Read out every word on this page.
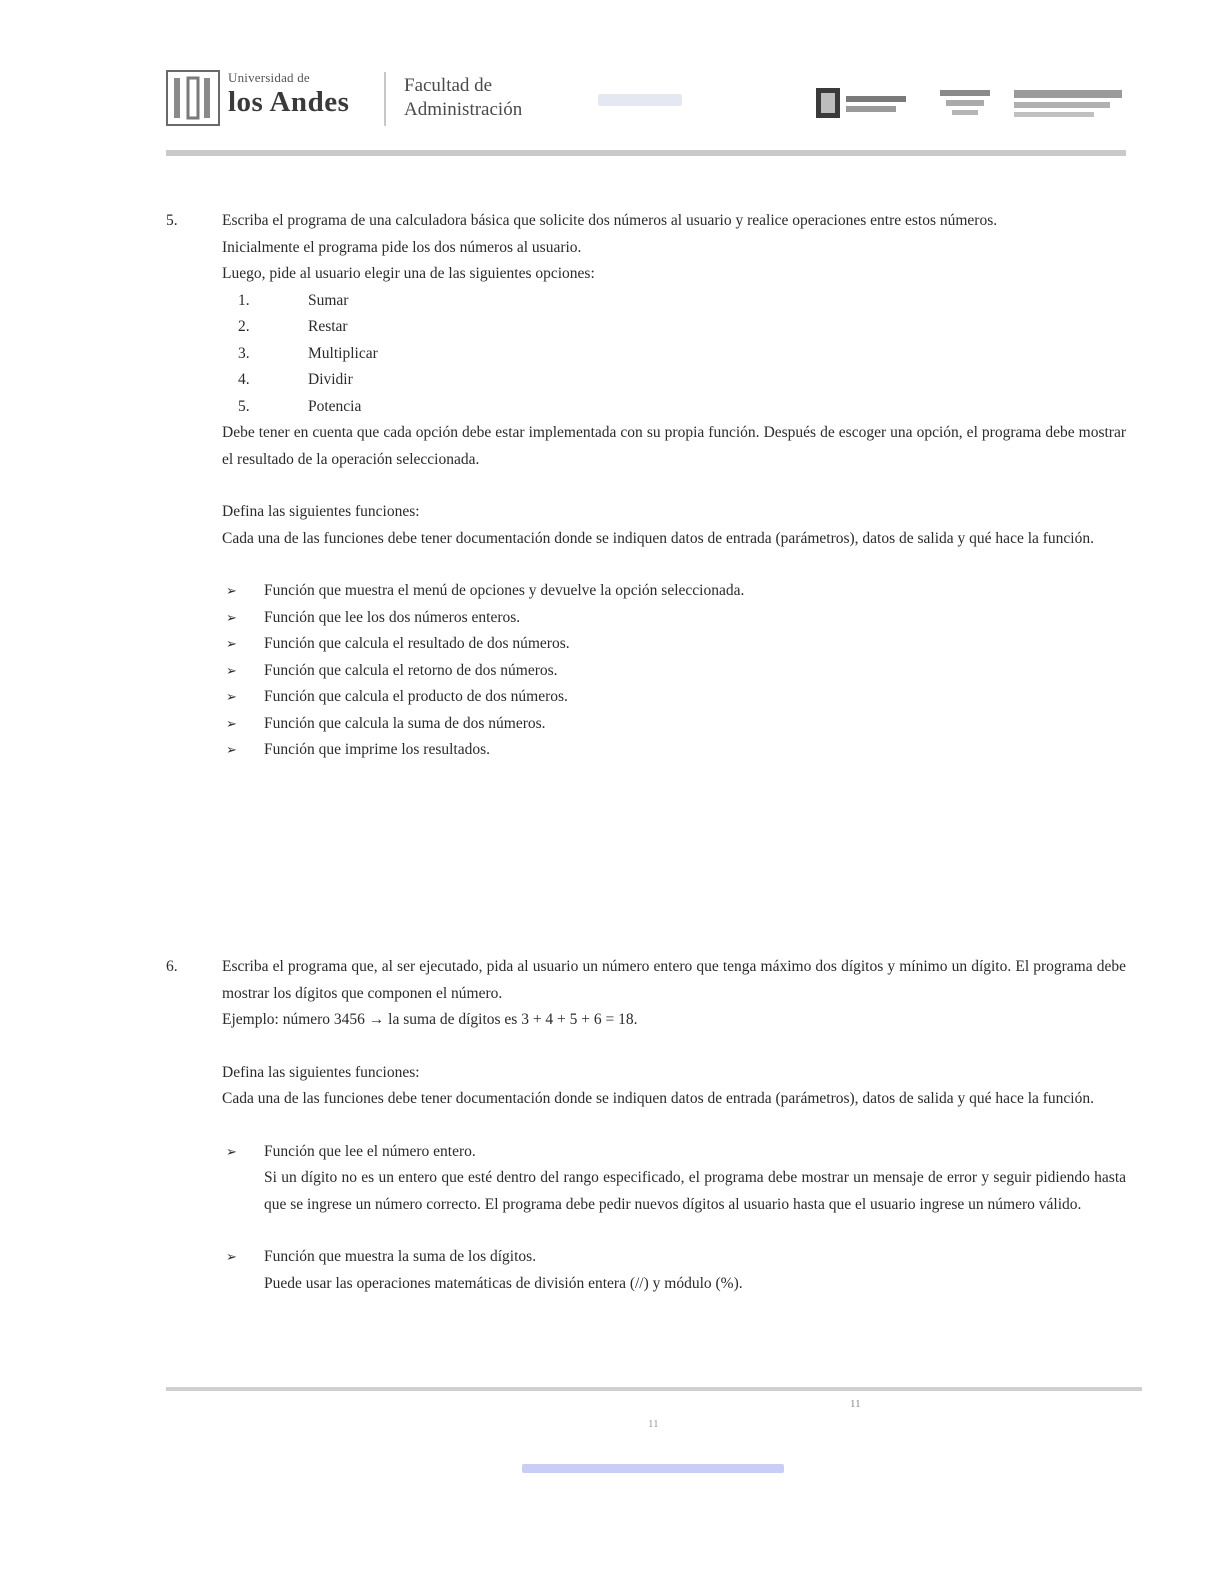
Universidad de
los Andes
Facultad de
Administración
5.	Escriba el programa de una calculadora básica que solicite dos números al usuario y realice operaciones entre estos números.

Inicialmente el programa pide los dos números al usuario.

Luego, pide al usuario elegir una de las siguientes opciones:

1.	Sumar
2.	Restar
3.	Multiplicar
4.	Dividir
5.	Potencia

Debe tener en cuenta que cada opción debe estar implementada con su propia función. Después de escoger una opción, el programa debe mostrar el resultado de la operación seleccionada.

Defina las siguientes funciones:

Cada una de las funciones debe tener documentación donde se indiquen datos de entrada (parámetros), datos de salida y qué hace la función.

➢ Función que muestra el menú de opciones y devuelve la opción seleccionada.
➢ Función que lee los dos números enteros.
➢ Función que calcula el resultado de dos números.
➢ Función que calcula el retorno de dos números.
➢ Función que calcula el producto de dos números.
➢ Función que calcula la suma de dos números.
➢ Función que imprime los resultados.
6.	Escriba el programa que, al ser ejecutado, pida al usuario un número entero que tenga máximo dos dígitos y mínimo un dígito. El programa debe mostrar los dígitos que componen el número.

Ejemplo: número 3456 → la suma de dígitos es 3 + 4 + 5 + 6 = 18.

Defina las siguientes funciones:

Cada una de las funciones debe tener documentación donde se indiquen datos de entrada (parámetros), datos de salida y qué hace la función.

➢ Función que lee el número entero.
Si un dígito no es un entero que esté dentro del rango especificado, el programa debe mostrar un mensaje de error y seguir pidiendo hasta que se ingrese un número correcto. El programa debe pedir nuevos dígitos al usuario hasta que el usuario ingrese un número válido.
➢ Función que muestra la suma de los dígitos.
Puede usar las operaciones matemáticas de división entera (//) y módulo (%).
11
11
